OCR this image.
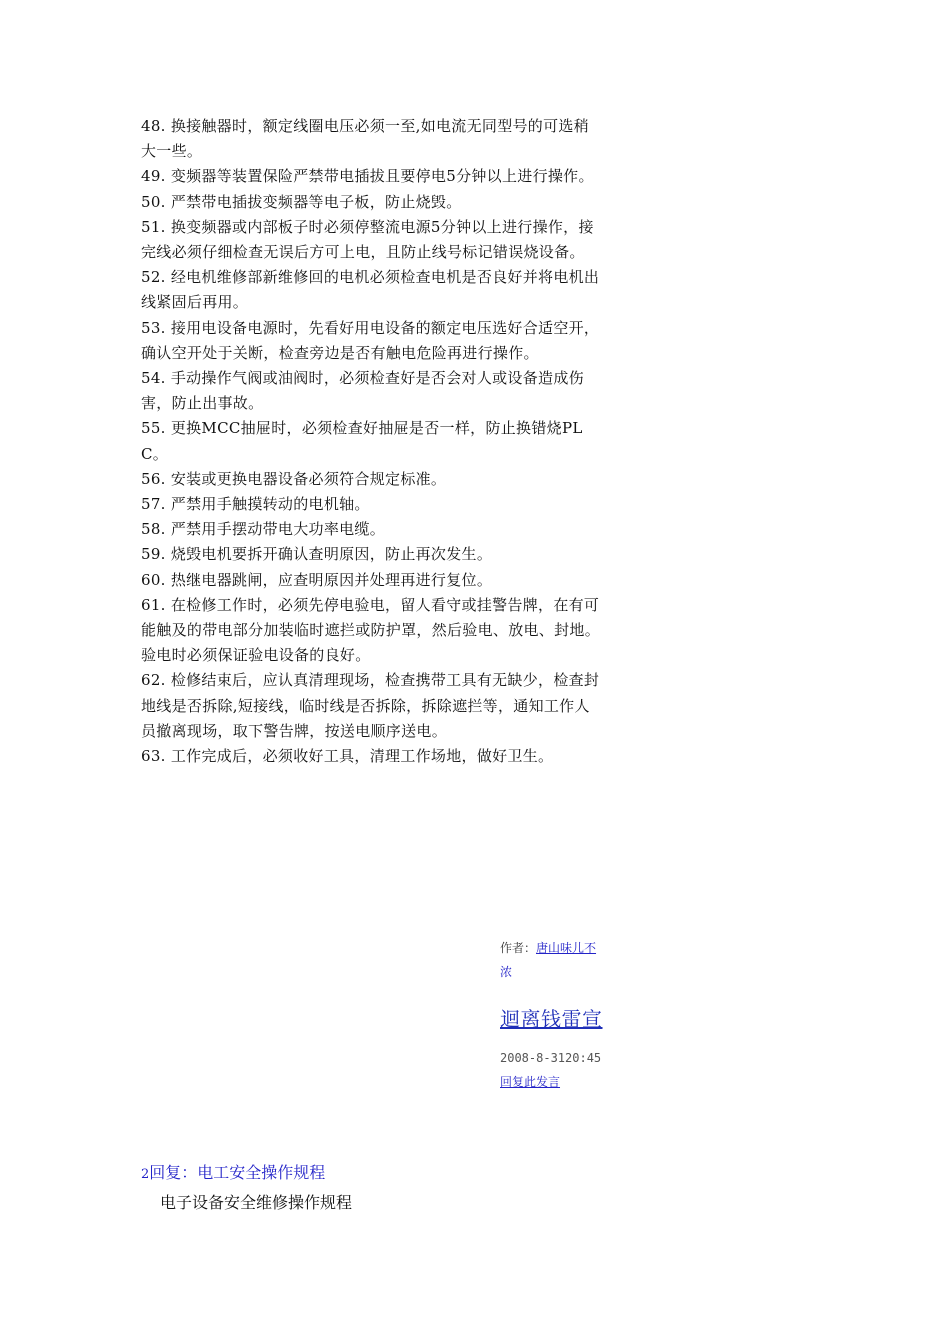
48. 换接触器时，额定线圈电压必须一至,如电流无同型号的可选稍大一些。
49. 变频器等装置保险严禁带电插拔且要停电5分钟以上进行操作。
50. 严禁带电插拔变频器等电子板，防止烧毁。
51. 换变频器或内部板子时必须停整流电源5分钟以上进行操作，接完线必须仔细检查无误后方可上电，且防止线号标记错误烧设备。
52. 经电机维修部新维修回的电机必须检查电机是否良好并将电机出线紧固后再用。
53. 接用电设备电源时，先看好用电设备的额定电压选好合适空开，确认空开处于关断，检查旁边是否有触电危险再进行操作。
54. 手动操作气阀或油阀时，必须检查好是否会对人或设备造成伤害，防止出事故。
55. 更换MCC抽屉时，必须检查好抽屉是否一样，防止换错烧PLC。
56. 安装或更换电器设备必须符合规定标准。
57. 严禁用手触摸转动的电机轴。
58. 严禁用手摆动带电大功率电缆。
59. 烧毁电机要拆开确认查明原因，防止再次发生。
60. 热继电器跳闸，应查明原因并处理再进行复位。
61. 在检修工作时，必须先停电验电，留人看守或挂警告牌，在有可能触及的带电部分加装临时遮拦或防护罩，然后验电、放电、封地。验电时必须保证验电设备的良好。
62. 检修结束后，应认真清理现场，检查携带工具有无缺少，检查封地线是否拆除,短接线，临时线是否拆除，拆除遮拦等，通知工作人员撤离现场，取下警告牌，按送电顺序送电。
63. 工作完成后，必须收好工具，清理工作场地，做好卫生。
作者：唐山味儿不
浓
迴离钱雷宣
2008-8-3120:45
回复此发言
2回复：电工安全操作规程
电子设备安全维修操作规程
